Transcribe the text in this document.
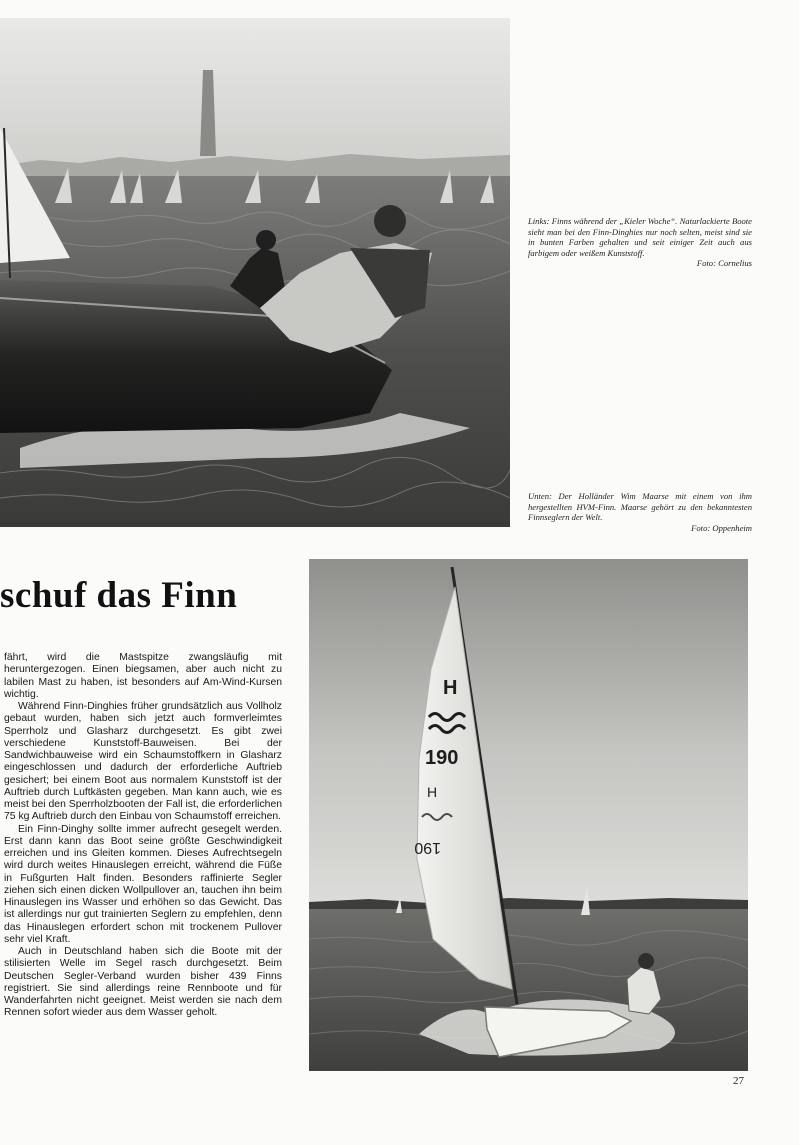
Links: Finns während der „Kieler Woche“. Naturlackierte Boote sieht man bei den Finn-Dinghies nur noch selten, meist sind sie in bunten Farben gehalten und seit einiger Zeit auch aus farbigem oder weißem Kunststoff.
Foto: Cornelius
Unten: Der Holländer Wim Maarse mit einem von ihm hergestellten HVM-Finn. Maarse gehört zu den bekanntesten Finnseglern der Welt.
Foto: Oppenheim
schuf das Finn

fährt, wird die Mastspitze zwangsläufig mit heruntergezogen. Einen biegsamen, aber auch nicht zu labilen Mast zu haben, ist besonders auf Am-Wind-Kursen wichtig.

Während Finn-Dinghies früher grundsätzlich aus Vollholz gebaut wurden, haben sich jetzt auch formverleimtes Sperrholz und Glasharz durchgesetzt. Es gibt zwei verschiedene Kunststoff-Bauweisen. Bei der Sandwichbauweise wird ein Schaumstoffkern in Glasharz eingeschlossen und dadurch der erforderliche Auftrieb gesichert; bei einem Boot aus normalem Kunststoff ist der Auftrieb durch Luftkästen gegeben. Man kann auch, wie es meist bei den Sperrholzbooten der Fall ist, die erforderlichen 75 kg Auftrieb durch den Einbau von Schaumstoff erreichen.

Ein Finn-Dinghy sollte immer aufrecht gesegelt werden. Erst dann kann das Boot seine größte Geschwindigkeit erreichen und ins Gleiten kommen. Dieses Aufrechtsegeln wird durch weites Hinauslegen erreicht, während die Füße in Fußgurten Halt finden. Besonders raffinierte Segler ziehen sich einen dicken Wollpullover an, tauchen ihn beim Hinauslegen ins Wasser und erhöhen so das Gewicht. Das ist allerdings nur gut trainierten Seglern zu empfehlen, denn das Hinauslegen erfordert schon mit trockenem Pullover sehr viel Kraft.

Auch in Deutschland haben sich die Boote mit der stilisierten Welle im Segel rasch durchgesetzt. Beim Deutschen Segler-Verband wurden bisher 439 Finns registriert. Sie sind allerdings reine Rennboote und für Wanderfahrten nicht geeignet. Meist werden sie nach dem Rennen sofort wieder aus dem Wasser geholt.

H
190
H
190
27
